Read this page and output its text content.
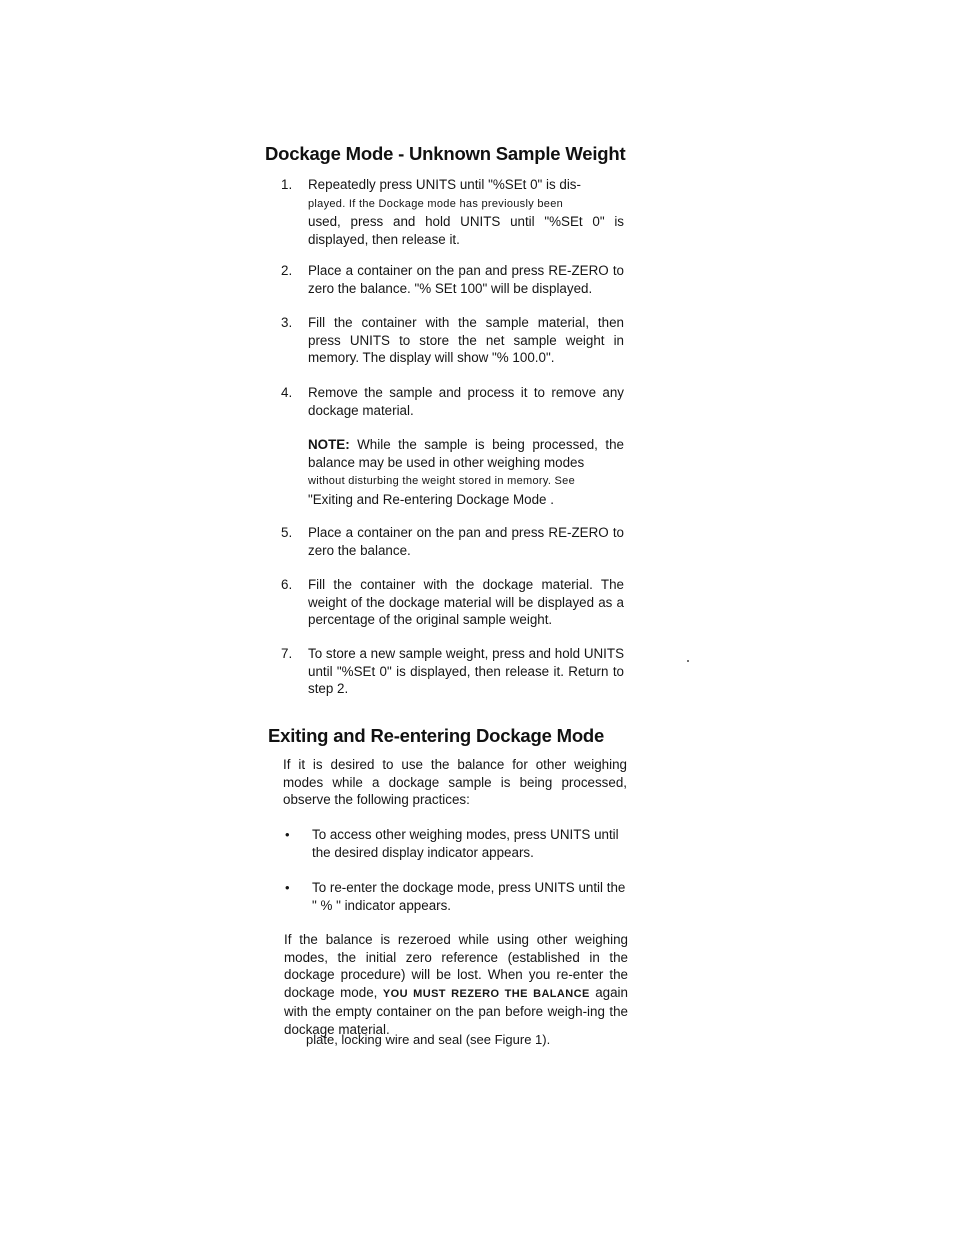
Dockage Mode - Unknown Sample Weight
1.	Repeatedly press UNITS until "%SEt 0" is dis-
played. If the Dockage mode has previously been
used, press and hold UNITS until "%SEt 0" is displayed, then release it.
2.	Place a container on the pan and press RE-ZERO to zero the balance. "% SEt 100" will be displayed.
3.	Fill the container with the sample material, then press UNITS to store the net sample weight in memory. The display will show "% 100.0".
4.	Remove the sample and process it to remove any dockage material.
NOTE: While the sample is being processed, the balance may be used in other weighing modes
without disturbing the weight stored in memory. See
"Exiting and Re-entering Dockage Mode .
5.	Place a container on the pan and press RE-ZERO to zero the balance.
6.	Fill the container with the dockage material. The weight of the dockage material will be displayed as a percentage of the original sample weight.
7.	To store a new sample weight, press and hold UNITS until "%SEt 0" is displayed, then release it. Return to step 2.
Exiting and Re-entering Dockage Mode
If it is desired to use the balance for other weighing modes while a dockage sample is being processed, observe the following practices:
•	To access other weighing modes, press UNITS until the desired display indicator appears.
•	To re-enter the dockage mode, press UNITS until the " % " indicator appears.
If the balance is rezeroed while using other weighing modes, the initial zero reference (established in the dockage procedure) will be lost. When you re-enter the dockage mode, YOU MUST REZERO THE BALANCE again with the empty container on the pan before weigh-ing the dockage material.
plate, locking wire and seal (see Figure 1).
